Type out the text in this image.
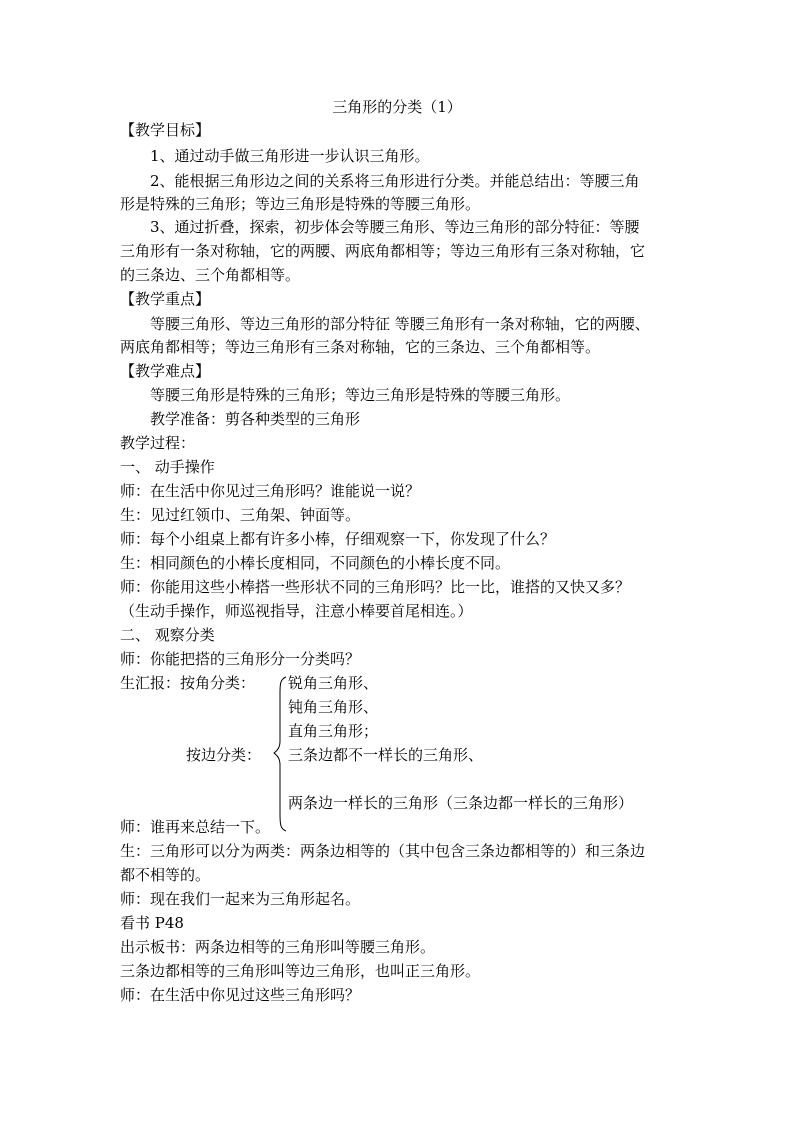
三角形的分类（1）
【教学目标】
1、通过动手做三角形进一步认识三角形。
2、能根据三角形边之间的关系将三角形进行分类。并能总结出：等腰三角
形是特殊的三角形；等边三角形是特殊的等腰三角形。
3、通过折叠，探索，初步体会等腰三角形、等边三角形的部分特征：等腰
三角形有一条对称轴，它的两腰、两底角都相等；等边三角形有三条对称轴，它
的三条边、三个角都相等。
【教学重点】
等腰三角形、等边三角形的部分特征 等腰三角形有一条对称轴，它的两腰、
两底角都相等；等边三角形有三条对称轴，它的三条边、三个角都相等。
【教学难点】
等腰三角形是特殊的三角形；等边三角形是特殊的等腰三角形。
教学准备：剪各种类型的三角形
教学过程：
一、 动手操作
师：在生活中你见过三角形吗？谁能说一说？
生：见过红领巾、三角架、钟面等。
师：每个小组桌上都有许多小棒，仔细观察一下，你发现了什么？
生：相同颜色的小棒长度相同，不同颜色的小棒长度不同。
师：你能用这些小棒搭一些形状不同的三角形吗？比一比，谁搭的又快又多？
（生动手操作，师巡视指导，注意小棒要首尾相连。）
二、 观察分类
师：你能把搭的三角形分一分类吗？
生汇报：按角分类： 锐角三角形、
钝角三角形、
直角三角形；
按边分类： 三条边都不一样长的三角形、
两条边一样长的三角形（三条边都一样长的三角形）
师：谁再来总结一下。
生：三角形可以分为两类：两条边相等的（其中包含三条边都相等的）和三条边
都不相等的。
师：现在我们一起来为三角形起名。
看书 P48
出示板书：两条边相等的三角形叫等腰三角形。
三条边都相等的三角形叫等边三角形，也叫正三角形。
师：在生活中你见过这些三角形吗？
